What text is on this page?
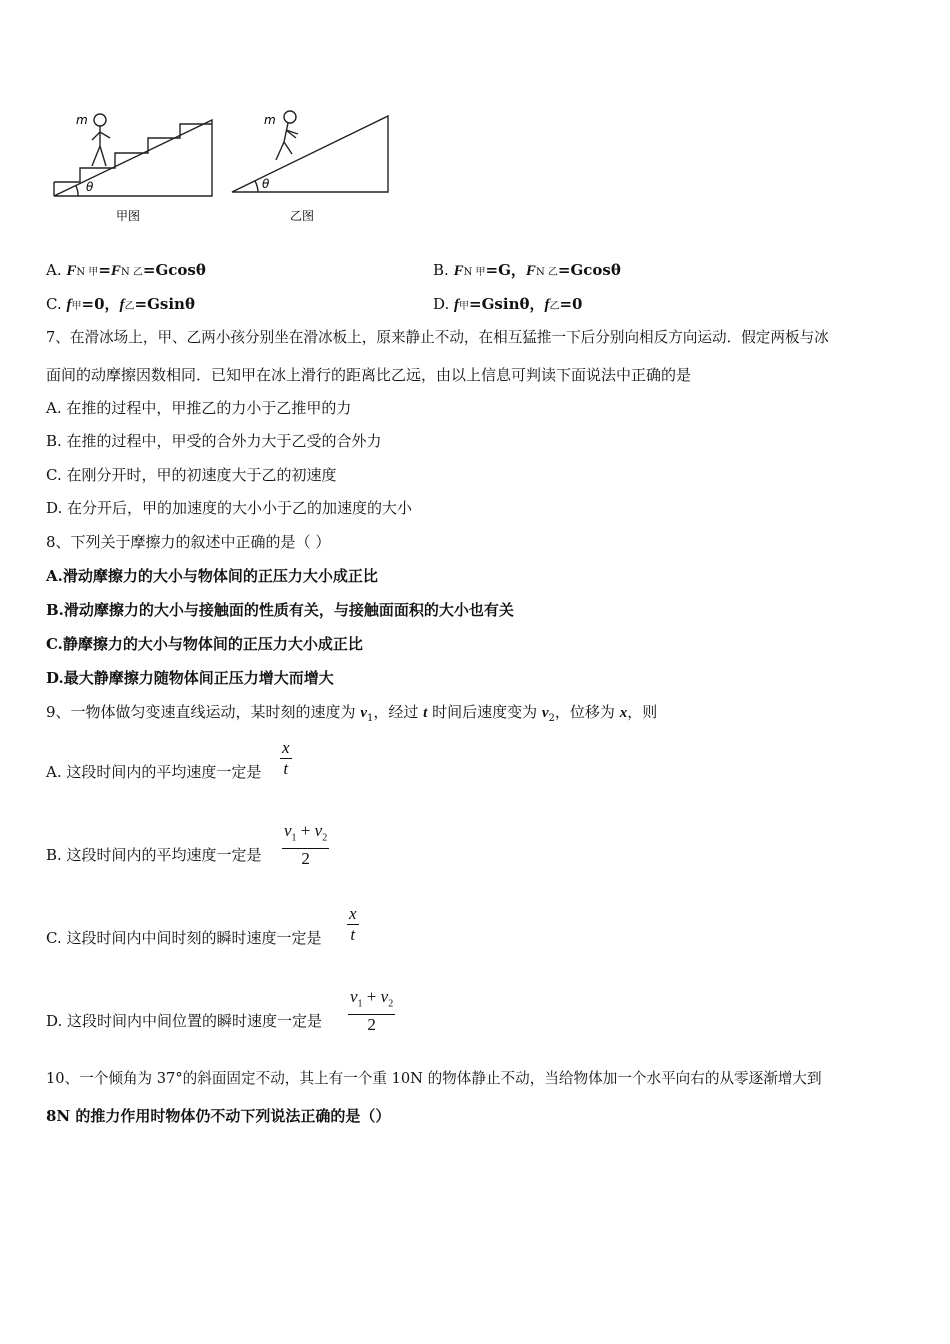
m
θ
甲图
m
θ
乙图
A. FN 甲=FN 乙=Gcosθ	B. FN 甲=G，FN 乙=Gcosθ
C. f甲=0，f乙=Gsinθ	D. f甲=Gsinθ，f乙=0
7、在滑冰场上，甲、乙两小孩分别坐在滑冰板上，原来静止不动，在相互猛推一下后分别向相反方向运动．假定两板与冰
面间的动摩擦因数相同．已知甲在冰上滑行的距离比乙远，由以上信息可判读下面说法中正确的是
A. 在推的过程中，甲推乙的力小于乙推甲的力
B. 在推的过程中，甲受的合外力大于乙受的合外力
C. 在刚分开时，甲的初速度大于乙的初速度
D. 在分开后，甲的加速度的大小小于乙的加速度的大小
8、下列关于摩擦力的叙述中正确的是（ ）
A.滑动摩擦力的大小与物体间的正压力大小成正比
B.滑动摩擦力的大小与接触面的性质有关，与接触面面积的大小也有关
C.静摩擦力的大小与物体间的正压力大小成正比
D.最大静摩擦力随物体间正压力增大而增大
9、一物体做匀变速直线运动，某时刻的速度为 $v_1$，经过 t 时间后速度变为 $v_2$，位移为 x，则
A. 这段时间内的平均速度一定是
x
t
B. 这段时间内的平均速度一定是
$v_1 + v_2$
2
C. 这段时间内中间时刻的瞬时速度一定是
x
t
D. 这段时间内中间位置的瞬时速度一定是
$v_1 + v_2$
2
10、一个倾角为 37°的斜面固定不动，其上有一个重 10N 的物体静止不动，当给物体加一个水平向右的从零逐渐增大到
8N 的推力作用时物体仍不动下列说法正确的是（）
